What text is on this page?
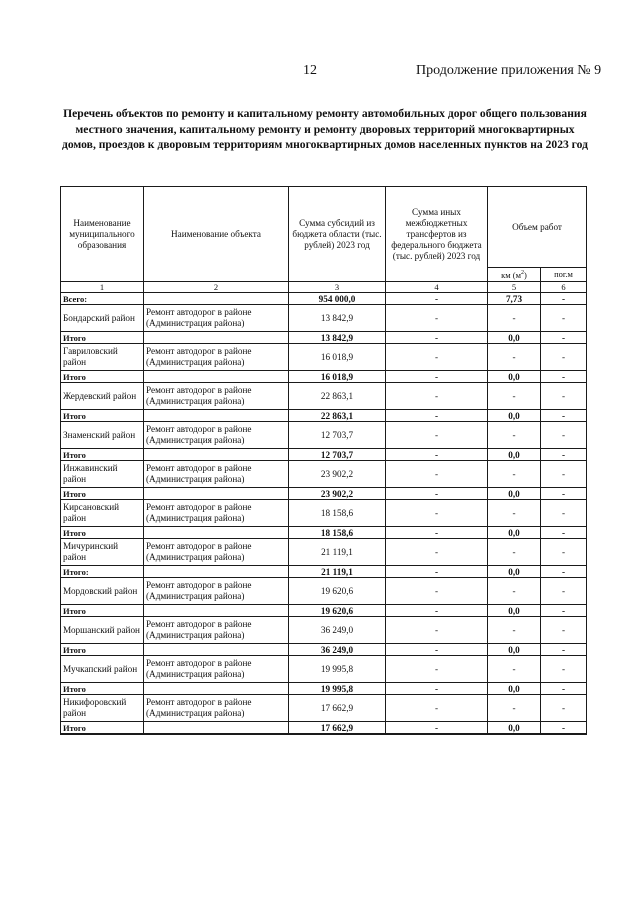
12	Продолжение приложения № 9
Перечень объектов по ремонту и капитальному ремонту автомобильных дорог общего пользования местного значения, капитальному ремонту и ремонту дворовых территорий многоквартирных домов, проездов к дворовым территориям многоквартирных домов населенных пунктов на 2023 год
Наименование муниципального образования	Наименование объекта	Сумма субсидий из бюджета области (тыс. рублей) 2023 год	Сумма иных межбюджетных трансфертов из федерального бюджета (тыс. рублей) 2023 год	Объем работ	
				км $(м^2)$	пог.м
1	2	3	4	5	6
Всего:		954 000,0	-	7,73	-
Бондарский район	Ремонт автодорог в районе (Администрация района)	13 842,9	-	-	-
Итого		13 842,9	-	0,0	-
Гавриловский район	Ремонт автодорог в районе (Администрация района)	16 018,9	-	-	-
Итого		16 018,9	-	0,0	-
Жердевский район	Ремонт автодорог в районе (Администрация района)	22 863,1	-	-	-
Итого		22 863,1	-	0,0	-
Знаменский район	Ремонт автодорог в районе (Администрация района)	12 703,7	-	-	-
Итого		12 703,7	-	0,0	-
Инжавинский район	Ремонт автодорог в районе (Администрация района)	23 902,2	-	-	-
Итого		23 902,2	-	0,0	-
Кирсановский район	Ремонт автодорог в районе (Администрация района)	18 158,6	-	-	-
Итого		18 158,6	-	0,0	-
Мичуринский район	Ремонт автодорог в районе (Администрация района)	21 119,1	-	-	-
Итого:		21 119,1	-	0,0	-
Мордовский район	Ремонт автодорог в районе (Администрация района)	19 620,6	-	-	-
Итого		19 620,6	-	0,0	-
Моршанский район	Ремонт автодорог в районе (Администрация района)	36 249,0	-	-	-
Итого		36 249,0	-	0,0	-
Мучкапский район	Ремонт автодорог в районе (Администрация района)	19 995,8	-	-	-
Итого		19 995,8	-	0,0	-
Никифоровский район	Ремонт автодорог в районе (Администрация района)	17 662,9	-	-	-
Итого		17 662,9	-	0,0	-
